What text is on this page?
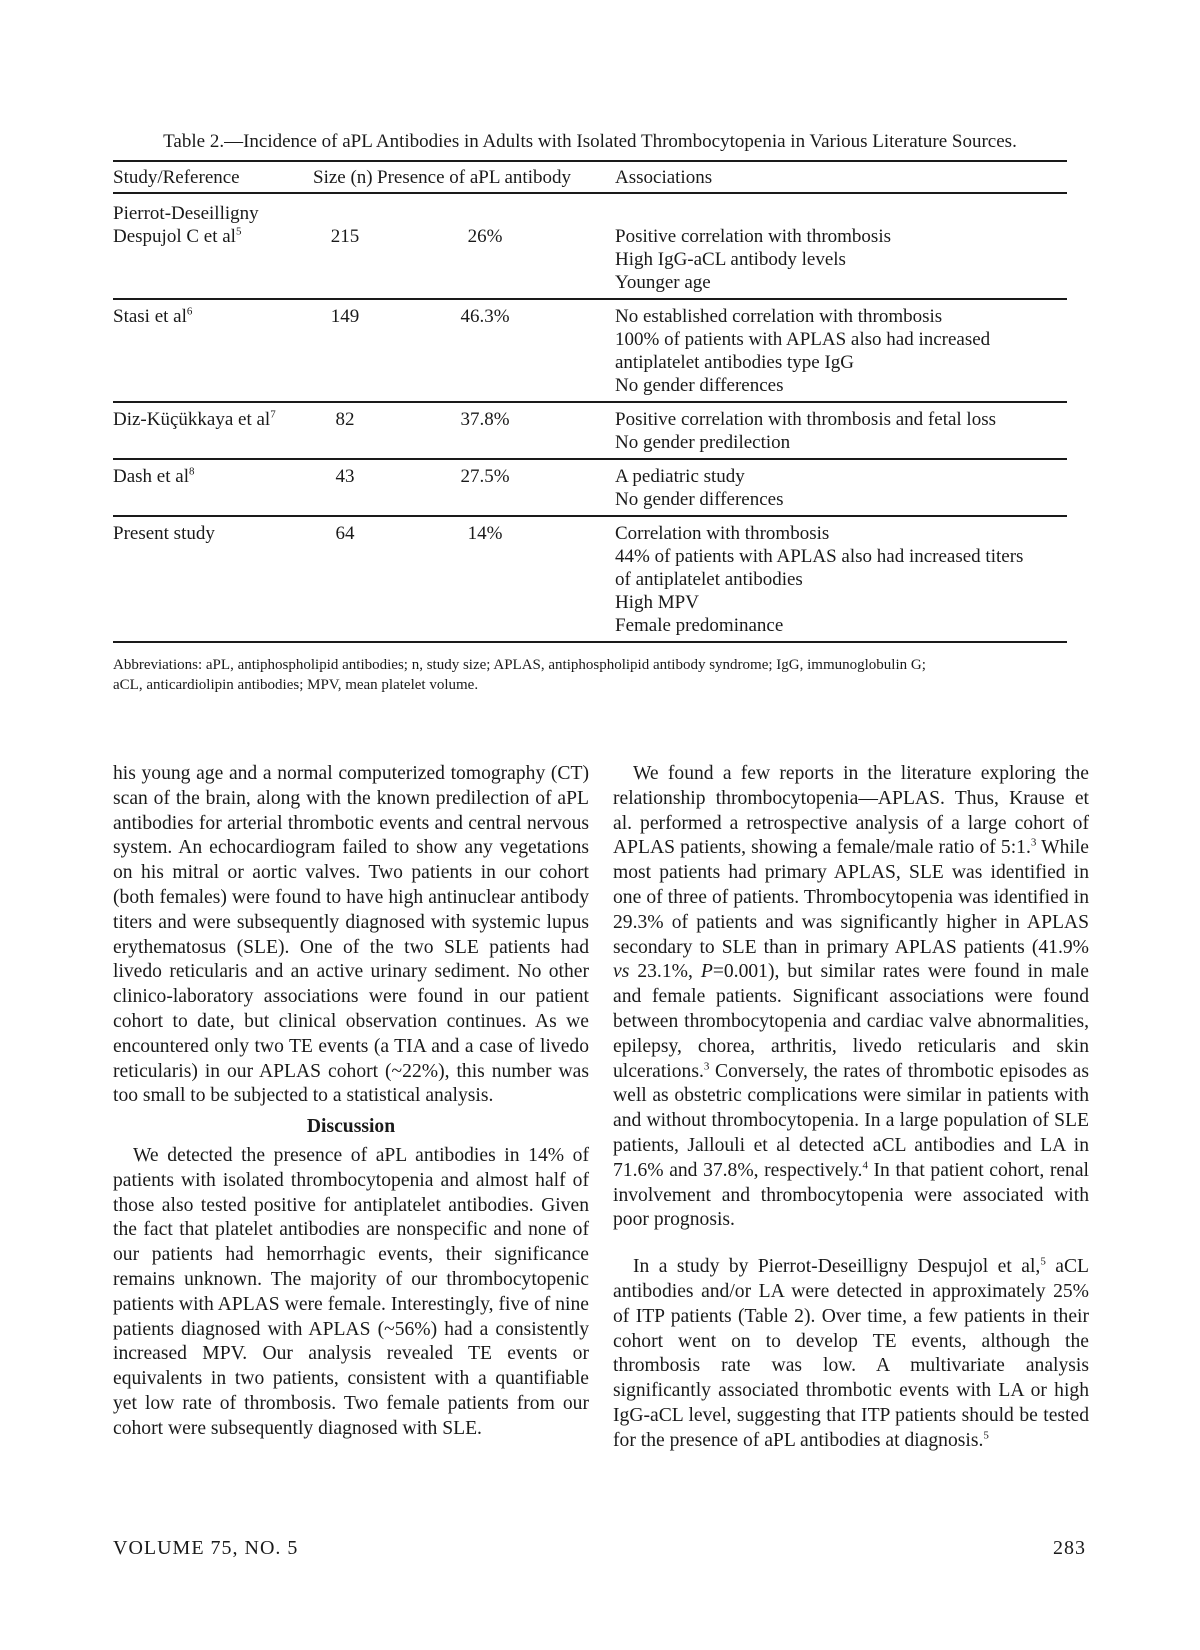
Table 2.—Incidence of aPL Antibodies in Adults with Isolated Thrombocytopenia in Various Literature Sources.
Study/Reference	Size (n)	Presence of aPL antibody	Associations

Pierrot-Deseilligny
Despujol C et $al^5$	215	26%	Positive correlation with thrombosis
High IgG-aCL antibody levels
Younger age

Stasi et $al^6$	149	46.3%	No established correlation with thrombosis
100% of patients with APLAS also had increased
antiplatelet antibodies type IgG
No gender differences

Diz-Küçükkaya et $al^7$	82	37.8%	Positive correlation with thrombosis and fetal loss
No gender predilection

Dash et $al^8$	43	27.5%	A pediatric study
No gender differences

Present study	64	14%	Correlation with thrombosis
44% of patients with APLAS also had increased titers
of antiplatelet antibodies
High MPV
Female predominance
Abbreviations: aPL, antiphospholipid antibodies; n, study size; APLAS, antiphospholipid antibody syndrome; IgG, immunoglobulin G;
aCL, anticardiolipin antibodies; MPV, mean platelet volume.

his young age and a normal computerized tomography (CT) scan of the brain, along with the known predilection of aPL antibodies for arterial thrombotic events and central nervous system. An echocardiogram failed to show any vegetations on his mitral or aortic valves. Two patients in our cohort (both females) were found to have high antinuclear antibody titers and were subsequently diagnosed with systemic lupus erythematosus (SLE). One of the two SLE patients had livedo reticularis and an active urinary sediment. No other clinico-laboratory associations were found in our patient cohort to date, but clinical observation continues. As we encountered only two TE events (a TIA and a case of livedo reticularis) in our APLAS cohort (~22%), this number was too small to be subjected to a statistical analysis.

Discussion

We detected the presence of aPL antibodies in 14% of patients with isolated thrombocytopenia and almost half of those also tested positive for antiplatelet antibodies. Given the fact that platelet antibodies are nonspecific and none of our patients had hemorrhagic events, their significance remains unknown. The majority of our thrombocytopenic patients with APLAS were female. Interestingly, five of nine patients diagnosed with APLAS (~56%) had a consistently increased MPV. Our analysis revealed TE events or equivalents in two patients, consistent with a quantifiable yet low rate of thrombosis. Two female patients from our cohort were subsequently diagnosed with SLE.

We found a few reports in the literature exploring the relationship thrombocytopenia—APLAS. Thus, Krause et al. performed a retrospective analysis of a large cohort of APLAS patients, showing a female/male ratio of 5:1.$^3$ While most patients had primary APLAS, SLE was identified in one of three of patients. Thrombocytopenia was identified in 29.3% of patients and was significantly higher in APLAS secondary to SLE than in primary APLAS patients (41.9% vs 23.1%, P=0.001), but similar rates were found in male and female patients. Significant associations were found between thrombocytopenia and cardiac valve abnormalities, epilepsy, chorea, arthritis, livedo reticularis and skin ulcerations.$^3$ Conversely, the rates of thrombotic episodes as well as obstetric complications were similar in patients with and without thrombocytopenia. In a large population of SLE patients, Jallouli et al detected aCL antibodies and LA in 71.6% and 37.8%, respectively.$^4$ In that patient cohort, renal involvement and thrombocytopenia were associated with poor prognosis.

In a study by Pierrot-Deseilligny Despujol et al,$^5$ aCL antibodies and/or LA were detected in approximately 25% of ITP patients (Table 2). Over time, a few patients in their cohort went on to develop TE events, although the thrombosis rate was low. A multivariate analysis significantly associated thrombotic events with LA or high IgG-aCL level, suggesting that ITP patients should be tested for the presence of aPL antibodies at diagnosis.$^5$

VOLUME 75, NO. 5	283
